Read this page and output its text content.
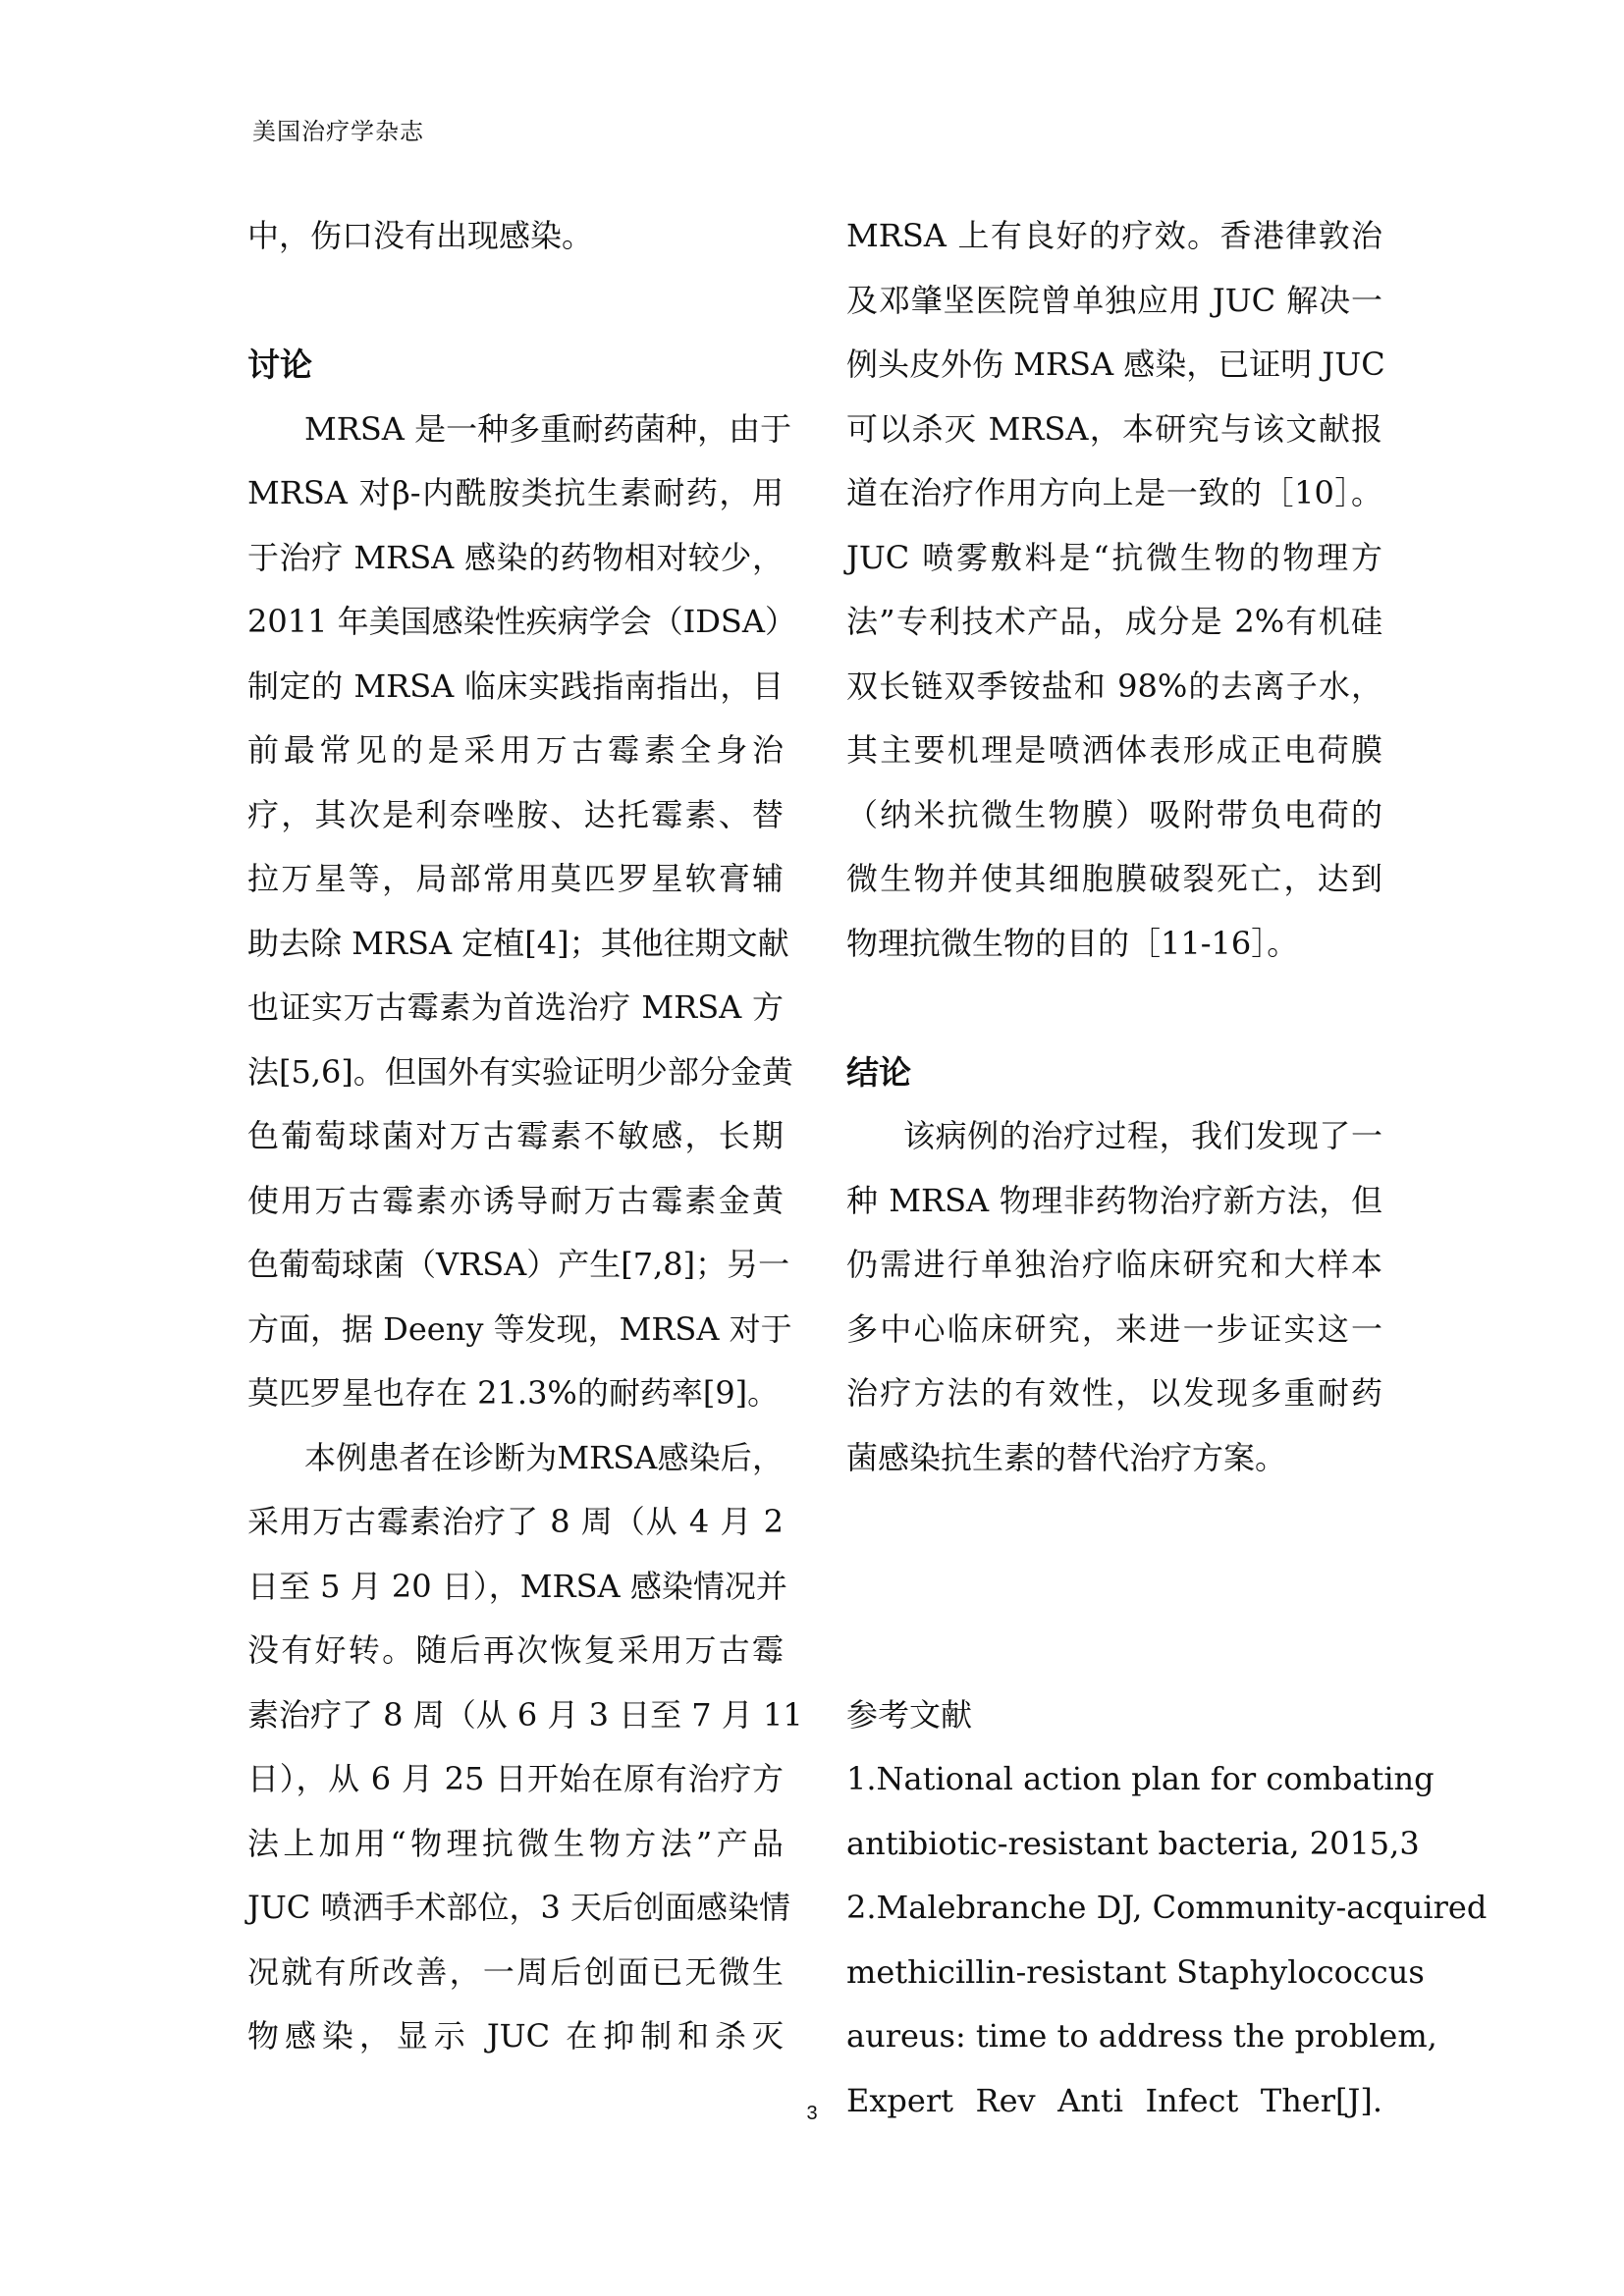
美国治疗学杂志
中，伤口没有出现感染。
讨论
MRSA 是一种多重耐药菌种，由于
MRSA 对β-内酰胺类抗生素耐药，用
于治疗 MRSA 感染的药物相对较少，
2011 年美国感染性疾病学会（IDSA）
制定的 MRSA 临床实践指南指出，目
前最常见的是采用万古霉素全身治
疗，其次是利奈唑胺、达托霉素、替
拉万星等，局部常用莫匹罗星软膏辅
助去除 MRSA 定植[4]；其他往期文献
也证实万古霉素为首选治疗 MRSA 方
法[5,6]。但国外有实验证明少部分金黄
色葡萄球菌对万古霉素不敏感，长期
使用万古霉素亦诱导耐万古霉素金黄
色葡萄球菌（VRSA）产生[7,8]；另一
方面，据 Deeny 等发现，MRSA 对于
莫匹罗星也存在 21.3%的耐药率[9]。
本例患者在诊断为MRSA感染后，
采用万古霉素治疗了 8 周（从 4 月 2
日至 5 月 20 日），MRSA 感染情况并
没有好转。随后再次恢复采用万古霉
素治疗了 8 周（从 6 月 3 日至 7 月 11
日），从 6 月 25 日开始在原有治疗方
法上加用“物理抗微生物方法”产品
JUC 喷洒手术部位，3 天后创面感染情
况就有所改善，一周后创面已无微生
物感染，显示 JUC 在抑制和杀灭
MRSA 上有良好的疗效。香港律敦治
及邓肇坚医院曾单独应用 JUC 解决一
例头皮外伤 MRSA 感染，已证明 JUC
可以杀灭 MRSA，本研究与该文献报
道在治疗作用方向上是一致的［10］。
JUC 喷雾敷料是“抗微生物的物理方
法”专利技术产品，成分是 2%有机硅
双长链双季铵盐和 98%的去离子水，
其主要机理是喷洒体表形成正电荷膜
（纳米抗微生物膜）吸附带负电荷的
微生物并使其细胞膜破裂死亡，达到
物理抗微生物的目的［11-16］。
结论
该病例的治疗过程，我们发现了一
种 MRSA 物理非药物治疗新方法，但
仍需进行单独治疗临床研究和大样本
多中心临床研究，来进一步证实这一
治疗方法的有效性，以发现多重耐药
菌感染抗生素的替代治疗方案。
参考文献
1.National action plan for combating
antibiotic-resistant bacteria, 2015,3
2.Malebranche DJ, Community-acquired
methicillin-resistant Staphylococcus
aureus: time to address the problem,
Expert Rev Anti Infect Ther[J].
3
